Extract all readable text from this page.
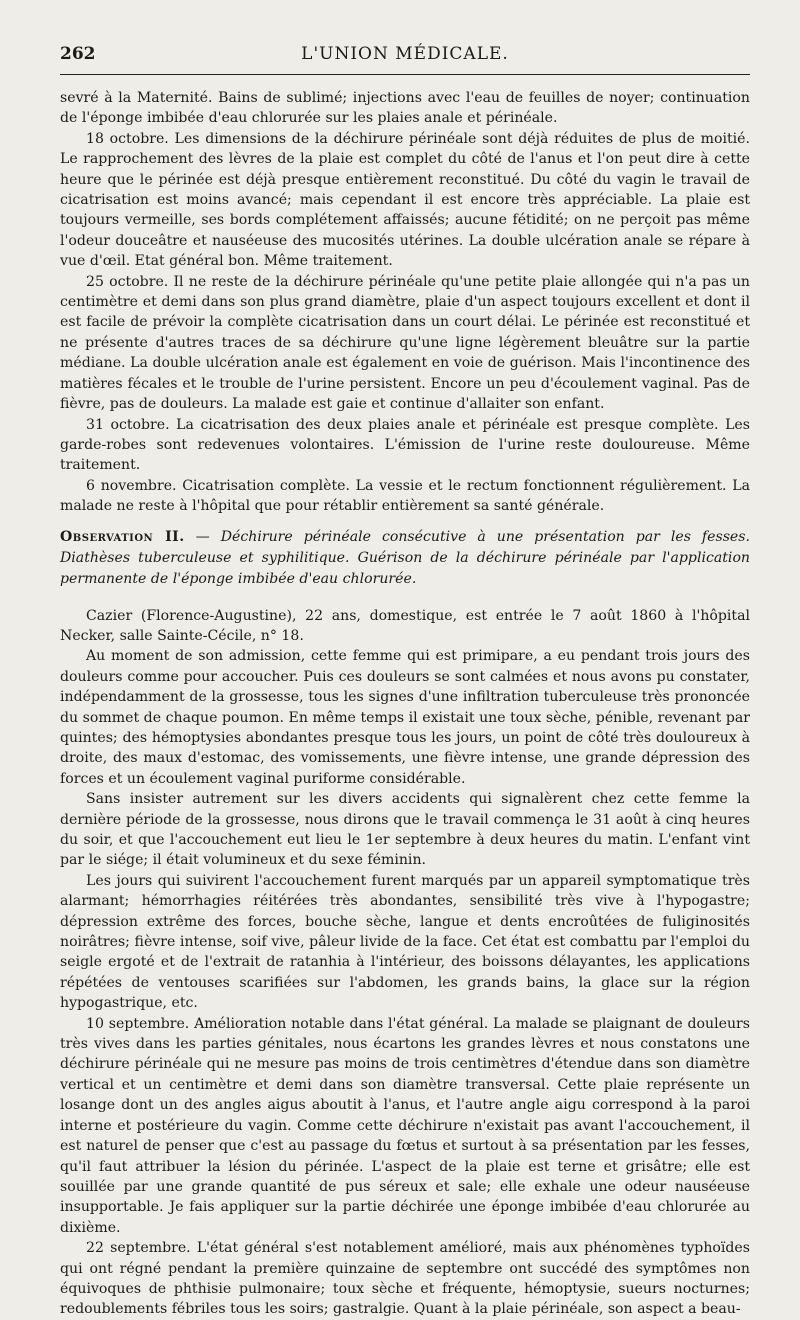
262	L'UNION MÉDICALE.

sevré à la Maternité. Bains de sublimé; injections avec l'eau de feuilles de noyer; continuation de l'éponge imbibée d'eau chlorurée sur les plaies anale et périnéale.

18 octobre. Les dimensions de la déchirure périnéale sont déjà réduites de plus de moitié. Le rapprochement des lèvres de la plaie est complet du côté de l'anus et l'on peut dire à cette heure que le périnée est déjà presque entièrement reconstitué. Du côté du vagin le travail de cicatrisation est moins avancé; mais cependant il est encore très appréciable. La plaie est toujours vermeille, ses bords complétement affaissés; aucune fétidité; on ne perçoit pas même l'odeur douceâtre et nauséeuse des mucosités utérines. La double ulcération anale se répare à vue d'œil. Etat général bon. Même traitement.

25 octobre. Il ne reste de la déchirure périnéale qu'une petite plaie allongée qui n'a pas un centimètre et demi dans son plus grand diamètre, plaie d'un aspect toujours excellent et dont il est facile de prévoir la complète cicatrisation dans un court délai. Le périnée est reconstitué et ne présente d'autres traces de sa déchirure qu'une ligne légèrement bleuâtre sur la partie médiane. La double ulcération anale est également en voie de guérison. Mais l'incontinence des matières fécales et le trouble de l'urine persistent. Encore un peu d'écoulement vaginal. Pas de fièvre, pas de douleurs. La malade est gaie et continue d'allaiter son enfant.

31 octobre. La cicatrisation des deux plaies anale et périnéale est presque complète. Les garde-robes sont redevenues volontaires. L'émission de l'urine reste douloureuse. Même traitement.

6 novembre. Cicatrisation complète. La vessie et le rectum fonctionnent régulièrement. La malade ne reste à l'hôpital que pour rétablir entièrement sa santé générale.

Observation II. — Déchirure périnéale consécutive à une présentation par les fesses. Diathèses tuberculeuse et syphilitique. Guérison de la déchirure périnéale par l'application permanente de l'éponge imbibée d'eau chlorurée.

Cazier (Florence-Augustine), 22 ans, domestique, est entrée le 7 août 1860 à l'hôpital Necker, salle Sainte-Cécile, n° 18.

Au moment de son admission, cette femme qui est primipare, a eu pendant trois jours des douleurs comme pour accoucher. Puis ces douleurs se sont calmées et nous avons pu constater, indépendamment de la grossesse, tous les signes d'une infiltration tuberculeuse très prononcée du sommet de chaque poumon. En même temps il existait une toux sèche, pénible, revenant par quintes; des hémoptysies abondantes presque tous les jours, un point de côté très douloureux à droite, des maux d'estomac, des vomissements, une fièvre intense, une grande dépression des forces et un écoulement vaginal puriforme considérable.

Sans insister autrement sur les divers accidents qui signalèrent chez cette femme la dernière période de la grossesse, nous dirons que le travail commença le 31 août à cinq heures du soir, et que l'accouchement eut lieu le 1er septembre à deux heures du matin. L'enfant vint par le siége; il était volumineux et du sexe féminin.

Les jours qui suivirent l'accouchement furent marqués par un appareil symptomatique très alarmant; hémorrhagies réitérées très abondantes, sensibilité très vive à l'hypogastre; dépression extrême des forces, bouche sèche, langue et dents encroûtées de fuliginosités noirâtres; fièvre intense, soif vive, pâleur livide de la face. Cet état est combattu par l'emploi du seigle ergoté et de l'extrait de ratanhia à l'intérieur, des boissons délayantes, les applications répétées de ventouses scarifiées sur l'abdomen, les grands bains, la glace sur la région hypogastrique, etc.

10 septembre. Amélioration notable dans l'état général. La malade se plaignant de douleurs très vives dans les parties génitales, nous écartons les grandes lèvres et nous constatons une déchirure périnéale qui ne mesure pas moins de trois centimètres d'étendue dans son diamètre vertical et un centimètre et demi dans son diamètre transversal. Cette plaie représente un losange dont un des angles aigus aboutit à l'anus, et l'autre angle aigu correspond à la paroi interne et postérieure du vagin. Comme cette déchirure n'existait pas avant l'accouchement, il est naturel de penser que c'est au passage du fœtus et surtout à sa présentation par les fesses, qu'il faut attribuer la lésion du périnée. L'aspect de la plaie est terne et grisâtre; elle est souillée par une grande quantité de pus séreux et sale; elle exhale une odeur nauséeuse insupportable. Je fais appliquer sur la partie déchirée une éponge imbibée d'eau chlorurée au dixième.

22 septembre. L'état général s'est notablement amélioré, mais aux phénomènes typhoïdes qui ont régné pendant la première quinzaine de septembre ont succédé des symptômes non équivoques de phthisie pulmonaire; toux sèche et fréquente, hémoptysie, sueurs nocturnes; redoublements fébriles tous les soirs; gastralgie. Quant à la plaie périnéale, son aspect a beau-
